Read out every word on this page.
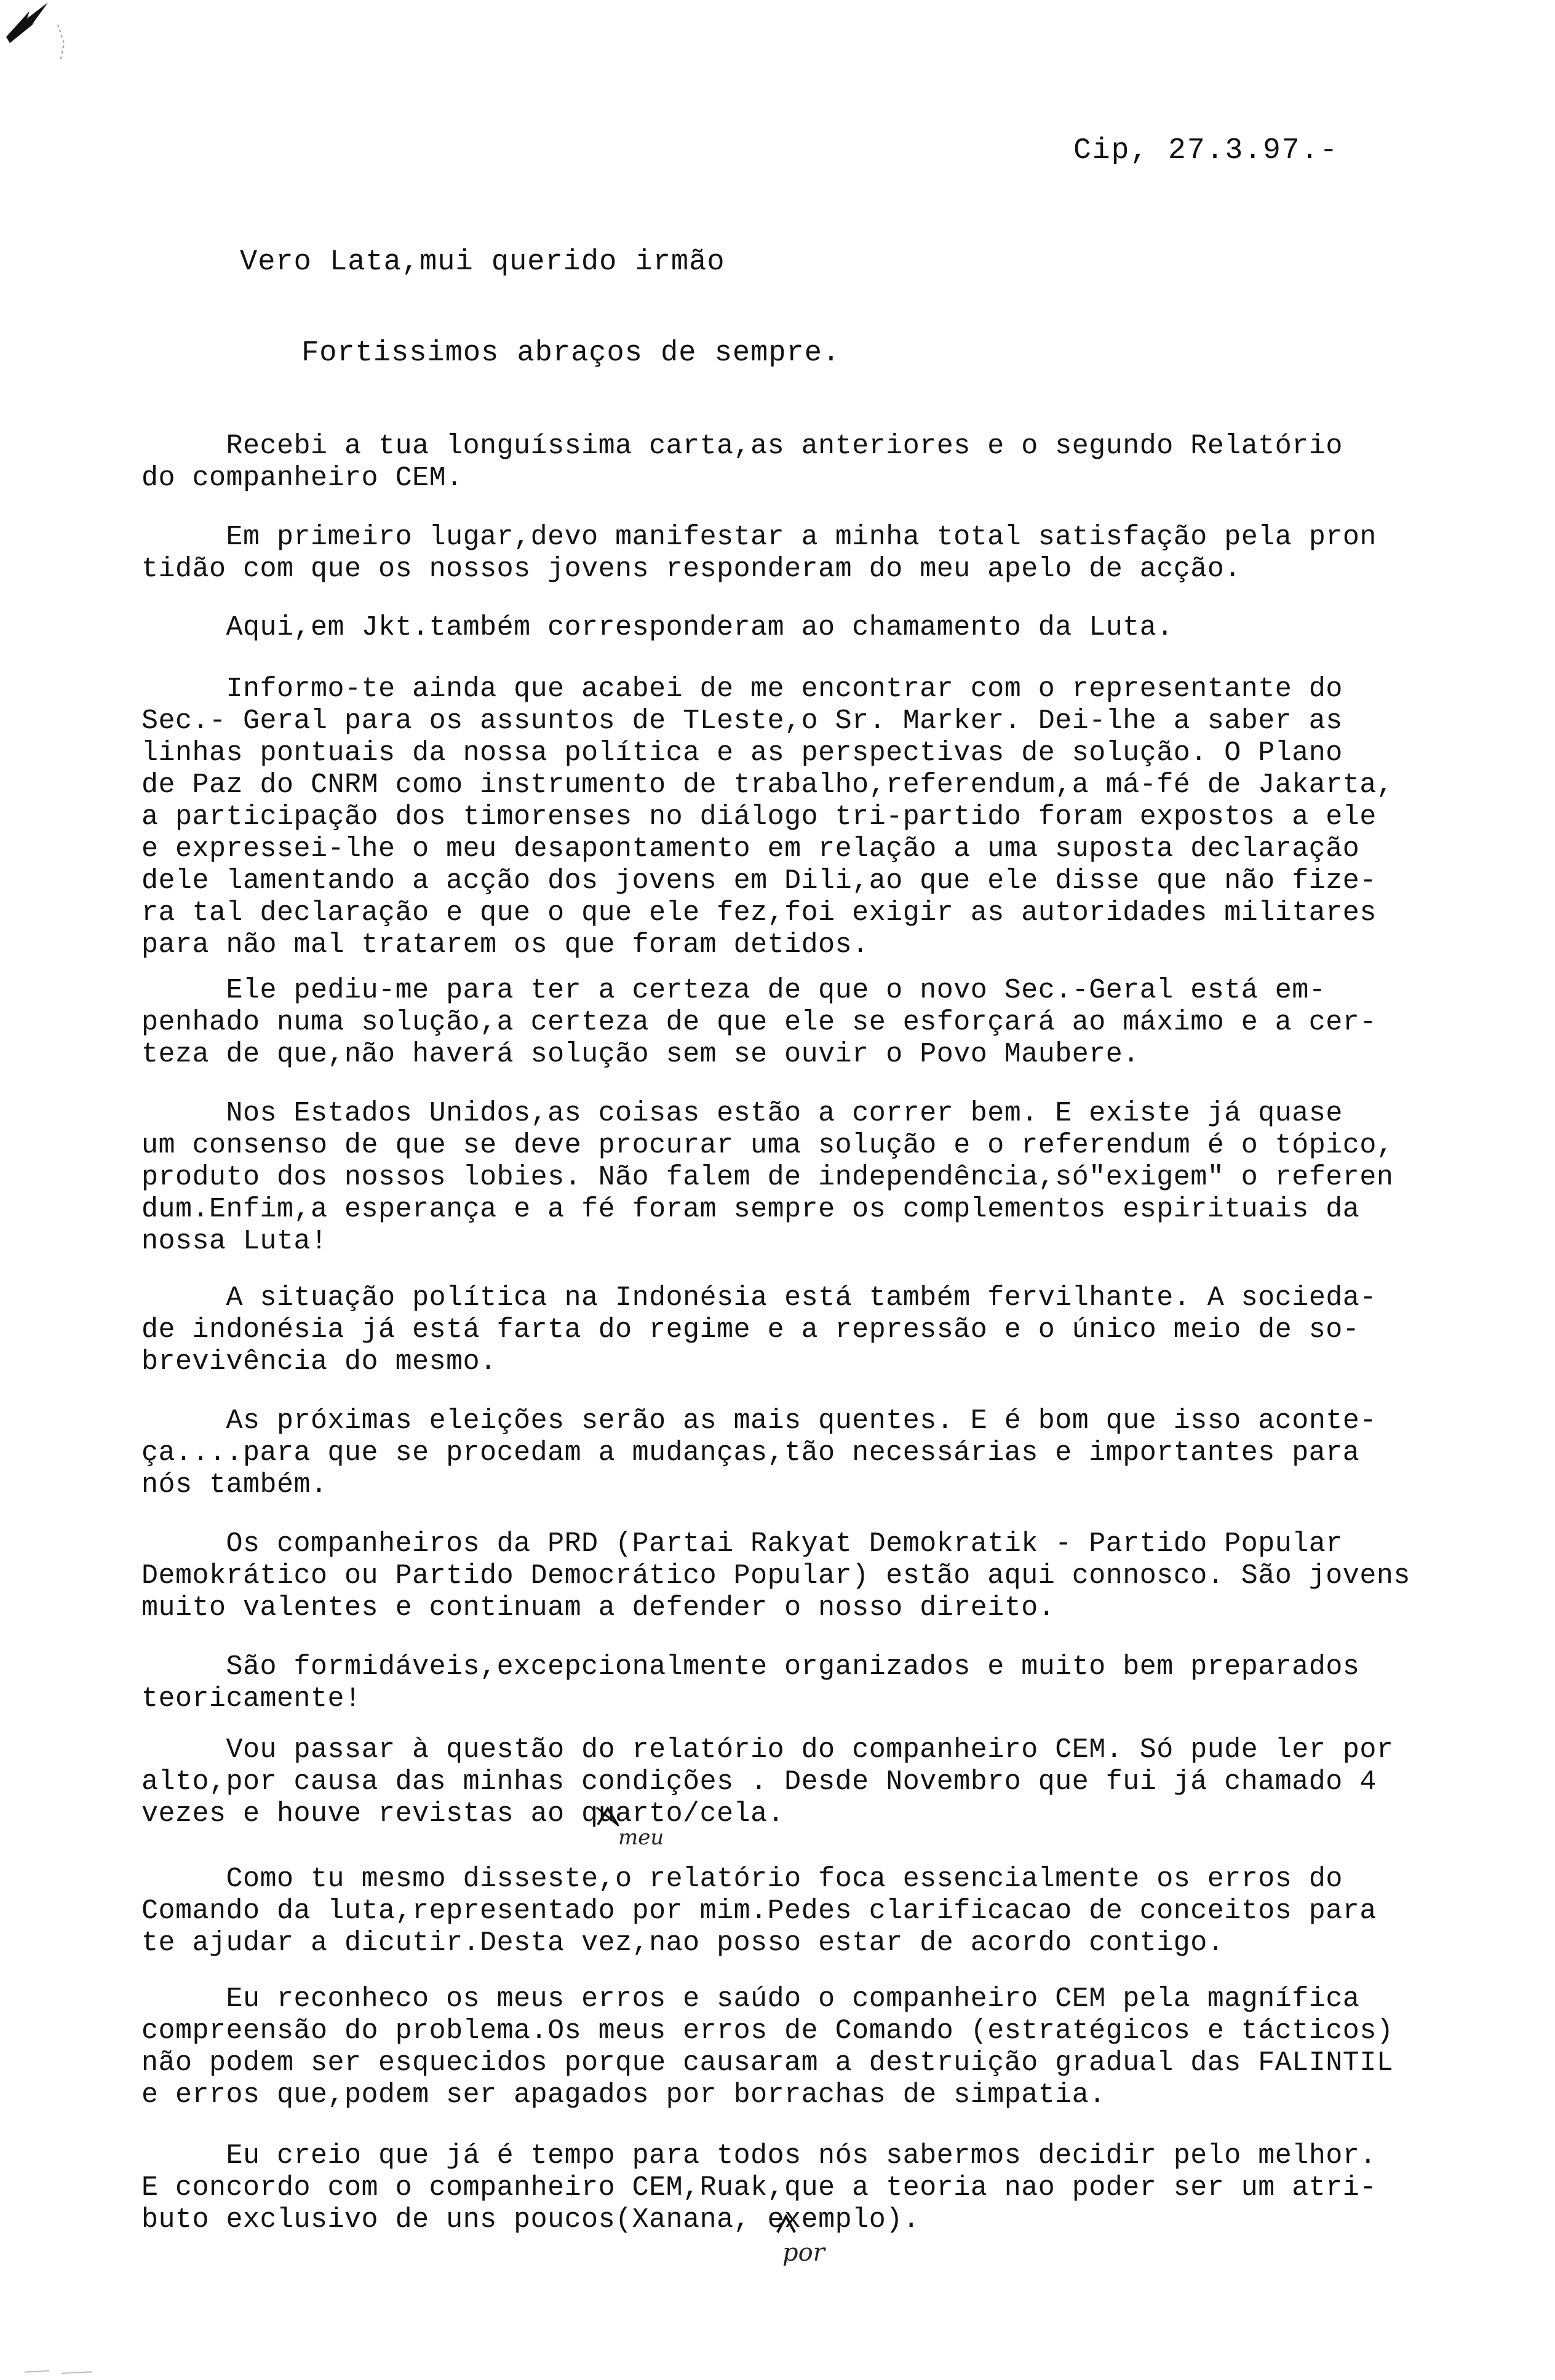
Cip, 27.3.97.-
Vero Lata,mui querido irmão
Fortissimos abraços de sempre.
Recebi a tua longuíssima carta,as anteriores e o segundo Relatório
do companheiro CEM.
Em primeiro lugar,devo manifestar a minha total satisfação pela pron
tidão com que os nossos jovens responderam do meu apelo de acção.
Aqui,em Jkt.também corresponderam ao chamamento da Luta.
Informo-te ainda que acabei de me encontrar com o representante do
Sec.- Geral para os assuntos de TLeste,o Sr. Marker. Dei-lhe a saber as
linhas pontuais da nossa política e as perspectivas de solução. O Plano
de Paz do CNRM como instrumento de trabalho,referendum,a má-fé de Jakarta,
a participação dos timorenses no diálogo tri-partido foram expostos a ele
e expressei-lhe o meu desapontamento em relação a uma suposta declaração
dele lamentando a acção dos jovens em Dili,ao que ele disse que não fize-
ra tal declaração e que o que ele fez,foi exigir as autoridades militares
para não mal tratarem os que foram detidos.
Ele pediu-me para ter a certeza de que o novo Sec.-Geral está em-
penhado numa solução,a certeza de que ele se esforçará ao máximo e a cer-
teza de que,não haverá solução sem se ouvir o Povo Maubere.
Nos Estados Unidos,as coisas estão a correr bem. E existe já quase
um consenso de que se deve procurar uma solução e o referendum é o tópico,
produto dos nossos lobies. Não falem de independência,só"exigem" o referen
dum.Enfim,a esperança e a fé foram sempre os complementos espirituais da
nossa Luta!
A situação política na Indonésia está também fervilhante. A socieda-
de indonésia já está farta do regime e a repressão e o único meio de so-
brevivência do mesmo.
As próximas eleições serão as mais quentes. E é bom que isso aconte-
ça....para que se procedam a mudanças,tão necessárias e importantes para
nós também.
Os companheiros da PRD (Partai Rakyat Demokratik - Partido Popular
Demokrático ou Partido Democrático Popular) estão aqui connosco. São jovens
muito valentes e continuam a defender o nosso direito.
São formidáveis,excepcionalmente organizados e muito bem preparados
teoricamente!
Vou passar à questão do relatório do companheiro CEM. Só pude ler por
alto,por causa das minhas condições . Desde Novembro que fui já chamado 4
vezes e houve revistas ao quarto/cela.
Como tu mesmo disseste,o relatório foca essencialmente os erros do
Comando da luta,representado por mim.Pedes clarificacao de conceitos para
te ajudar a dicutir.Desta vez,nao posso estar de acordo contigo.
Eu reconheco os meus erros e saúdo o companheiro CEM pela magnífica
compreensão do problema.Os meus erros de Comando (estratégicos e tácticos)
não podem ser esquecidos porque causaram a destruição gradual das FALINTIL
e erros que,podem ser apagados por borrachas de simpatia.
Eu creio que já é tempo para todos nós sabermos decidir pelo melhor.
E concordo com o companheiro CEM,Ruak,que a teoria nao poder ser um atri-
buto exclusivo de uns poucos(Xanana, exemplo).
meu
por
